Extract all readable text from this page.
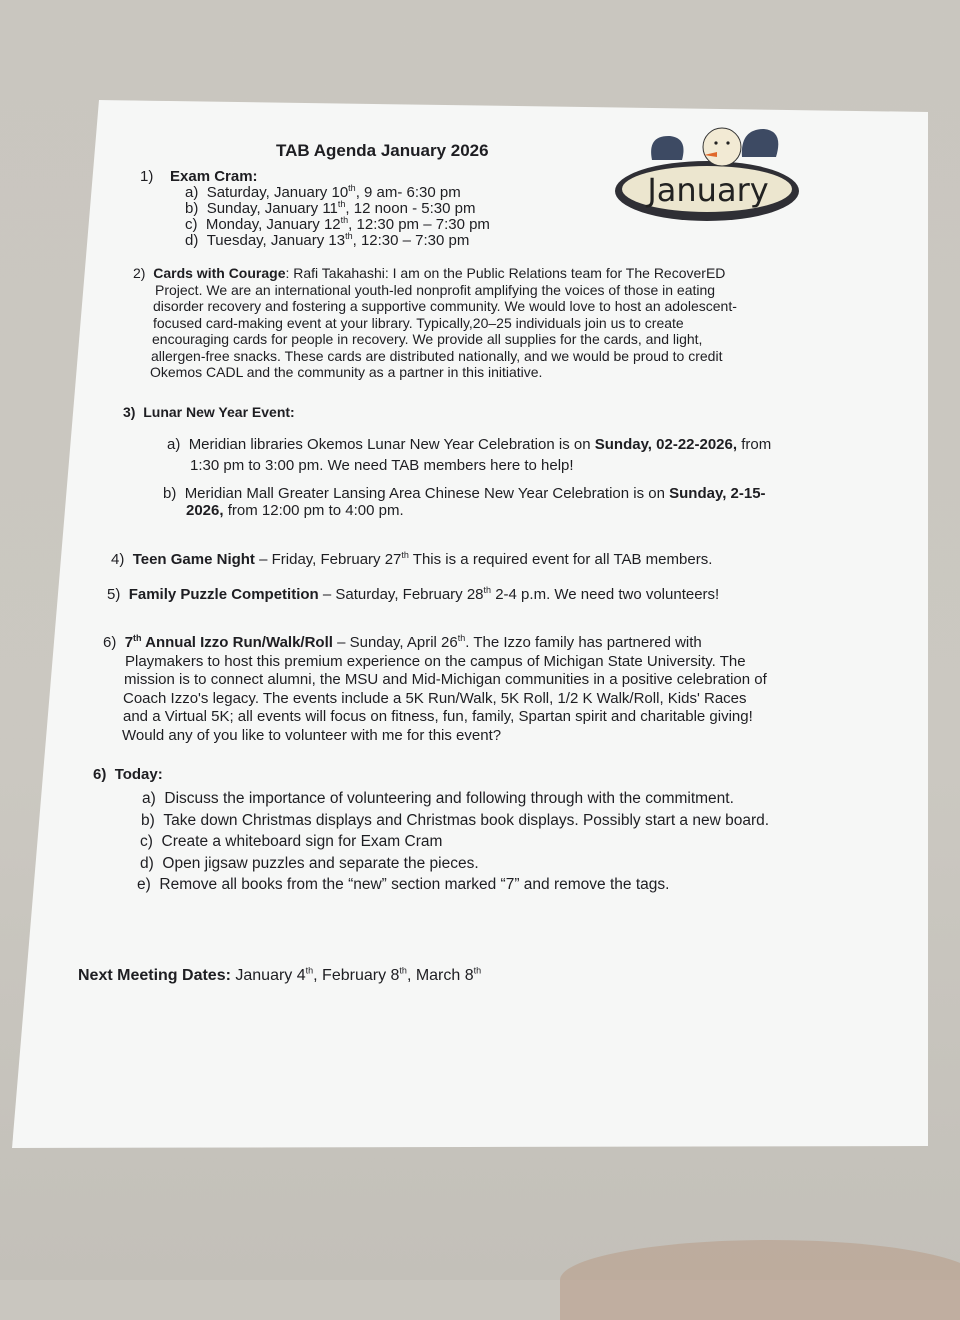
TAB Agenda January 2026
January
1) Exam Cram:
a) Saturday, January 10th, 9 am- 6:30 pm
b) Sunday, January 11th, 12 noon - 5:30 pm
c) Monday, January 12th, 12:30 pm – 7:30 pm
d) Tuesday, January 13th, 12:30 – 7:30 pm
2) Cards with Courage: Rafi Takahashi: I am on the Public Relations team for The RecoverED
Project. We are an international youth-led nonprofit amplifying the voices of those in eating
disorder recovery and fostering a supportive community. We would love to host an adolescent-
focused card-making event at your library. Typically,20–25 individuals join us to create
encouraging cards for people in recovery. We provide all supplies for the cards, and light,
allergen-free snacks. These cards are distributed nationally, and we would be proud to credit
Okemos CADL and the community as a partner in this initiative.
3) Lunar New Year Event:
a) Meridian libraries Okemos Lunar New Year Celebration is on Sunday, 02-22-2026, from
1:30 pm to 3:00 pm. We need TAB members here to help!
b) Meridian Mall Greater Lansing Area Chinese New Year Celebration is on Sunday, 2-15-
2026, from 12:00 pm to 4:00 pm.
4) Teen Game Night – Friday, February 27th This is a required event for all TAB members.
5) Family Puzzle Competition – Saturday, February 28th 2-4 p.m. We need two volunteers!
6) 7th Annual Izzo Run/Walk/Roll – Sunday, April 26th. The Izzo family has partnered with
Playmakers to host this premium experience on the campus of Michigan State University. The
mission is to connect alumni, the MSU and Mid-Michigan communities in a positive celebration of
Coach Izzo's legacy. The events include a 5K Run/Walk, 5K Roll, 1/2 K Walk/Roll, Kids' Races
and a Virtual 5K; all events will focus on fitness, fun, family, Spartan spirit and charitable giving!
Would any of you like to volunteer with me for this event?
6) Today:
a) Discuss the importance of volunteering and following through with the commitment.
b) Take down Christmas displays and Christmas book displays. Possibly start a new board.
c) Create a whiteboard sign for Exam Cram
d) Open jigsaw puzzles and separate the pieces.
e) Remove all books from the “new” section marked “7” and remove the tags.
Next Meeting Dates: January 4th, February 8th, March 8th
